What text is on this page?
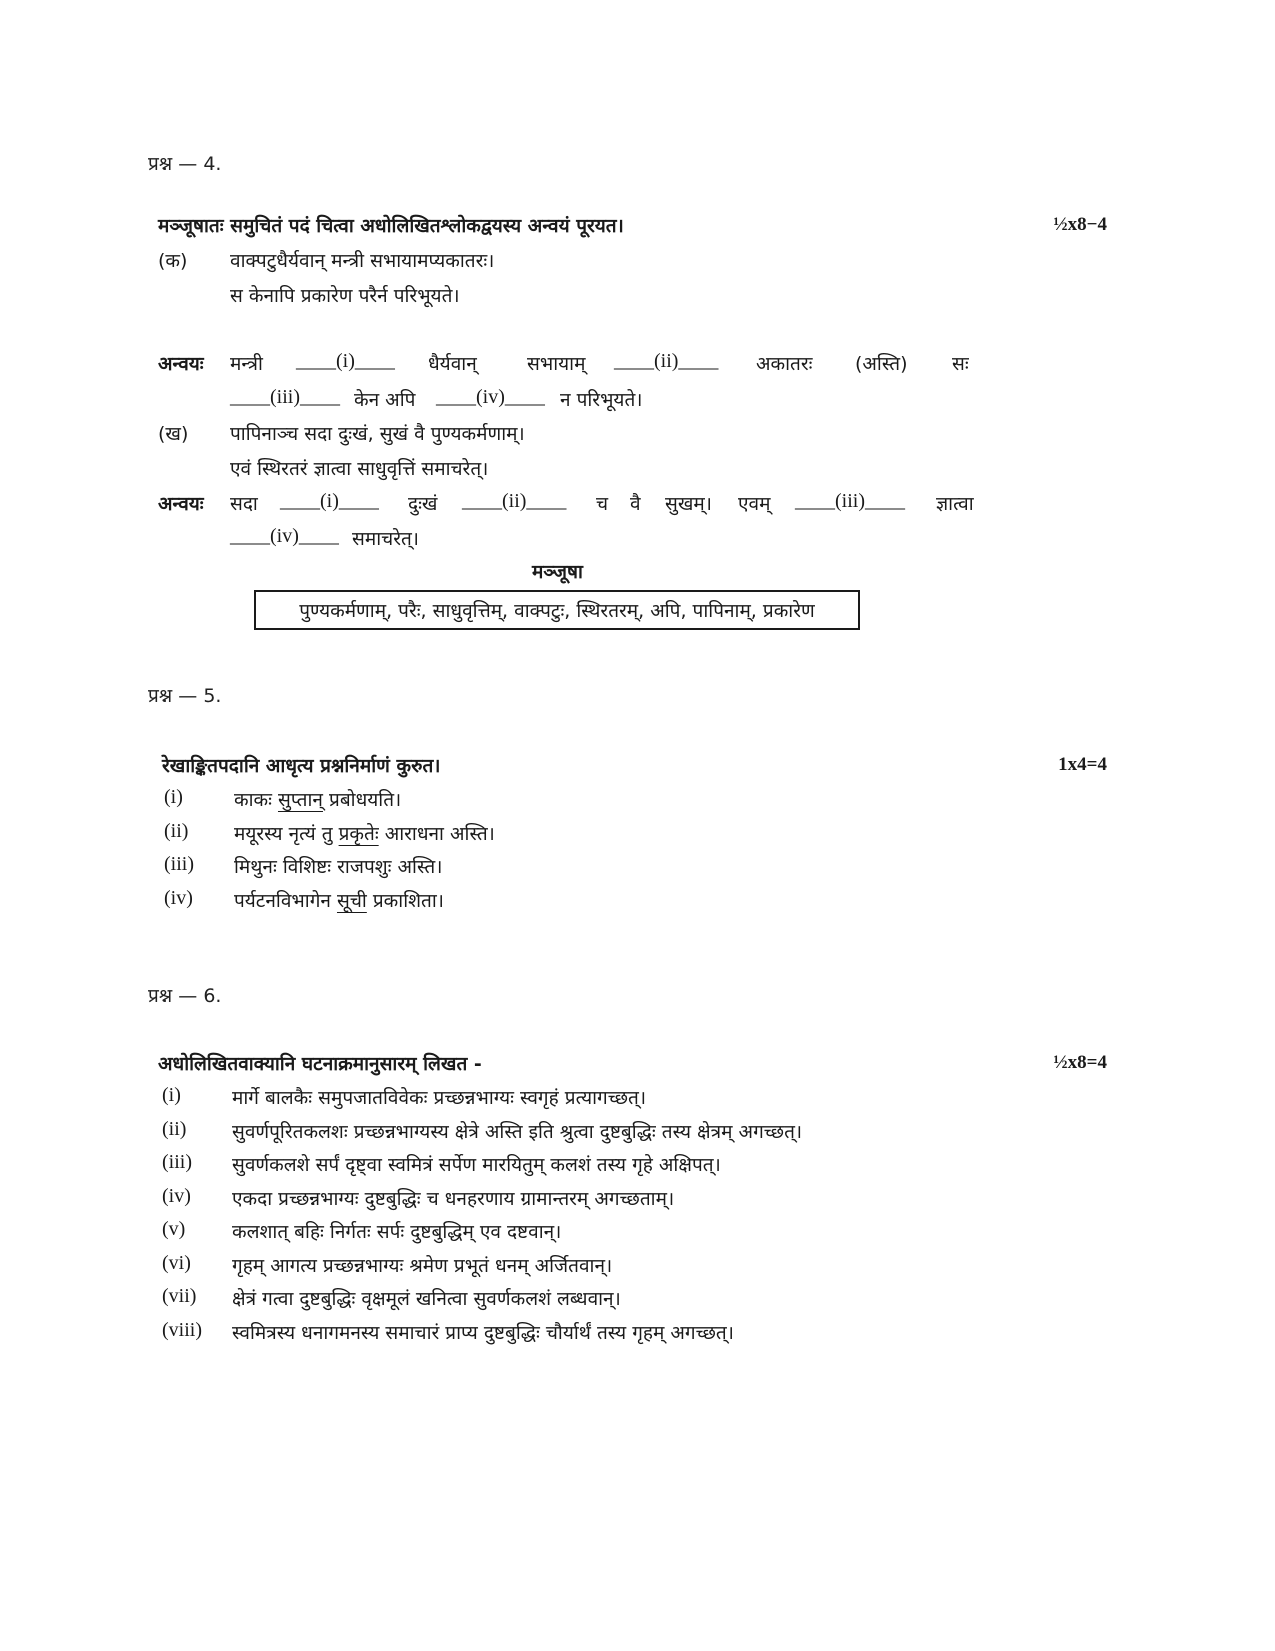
प्रश्न — 4.
मञ्जूषातः समुचितं पदं चित्वा अधोलिखितश्लोकद्वयस्य अन्वयं पूरयत।	½x8−4
(क) वाक्पटुधैर्यवान् मन्त्री सभायामप्यकातरः।
स केनापि प्रकारेण परैर्न परिभूयते।
अन्वयः मन्त्री ____(i)____ धैर्यवान्	सभायाम् ____(ii)____ अकातरः (अस्ति) सः
____(iii)____ केन अपि ____(iv)____ न परिभूयते।
(ख) पापिनाञ्च सदा दुःखं, सुखं वै पुण्यकर्मणाम्।
एवं स्थिरतरं ज्ञात्वा साधुवृत्तिं समाचरेत्।
अन्वयः सदा ____(i)____ दुःखं ____(ii)____ च वै सुखम्। एवम् ____(iii)____ ज्ञात्वा
____(iv)____ समाचरेत्।
मञ्जूषा
पुण्यकर्मणाम्, परैः, साधुवृत्तिम्, वाक्पटुः, स्थिरतरम्, अपि, पापिनाम्, प्रकारेण
प्रश्न — 5.
रेखाङ्कितपदानि आधृत्य प्रश्ननिर्माणं कुरुत।	1x4=4
(i)	काकः सुप्तान् प्रबोधयति।
(ii) मयूरस्य नृत्यं तु प्रकृतेः आराधना अस्ति।
(iii) मिथुनः विशिष्टः राजपशुः अस्ति।
(iv) पर्यटनविभागेन सूची प्रकाशिता।
प्रश्न — 6.
अधोलिखितवाक्यानि घटनाक्रमानुसारम् लिखत -	½x8=4
(i)	मार्गे बालकैः समुपजातविवेकः प्रच्छन्नभाग्यः स्वगृहं प्रत्यागच्छत्।
(ii) सुवर्णपूरितकलशः प्रच्छन्नभाग्यस्य क्षेत्रे अस्ति इति श्रुत्वा दुष्टबुद्धिः तस्य क्षेत्रम् अगच्छत्।
(iii) सुवर्णकलशे सर्पं दृष्ट्वा स्वमित्रं सर्पेण मारयितुम् कलशं तस्य गृहे अक्षिपत्।
(iv) एकदा प्रच्छन्नभाग्यः दुष्टबुद्धिः च धनहरणाय ग्रामान्तरम् अगच्छताम्।
(v) कलशात् बहिः निर्गतः सर्पः दुष्टबुद्धिम् एव दष्टवान्।
(vi) गृहम् आगत्य प्रच्छन्नभाग्यः श्रमेण प्रभूतं धनम् अर्जितवान्।
(vii) क्षेत्रं गत्वा दुष्टबुद्धिः वृक्षमूलं खनित्वा सुवर्णकलशं लब्धवान्।
(viii) स्वमित्रस्य धनागमनस्य समाचारं प्राप्य दुष्टबुद्धिः चौर्यार्थं तस्य गृहम् अगच्छत्।
